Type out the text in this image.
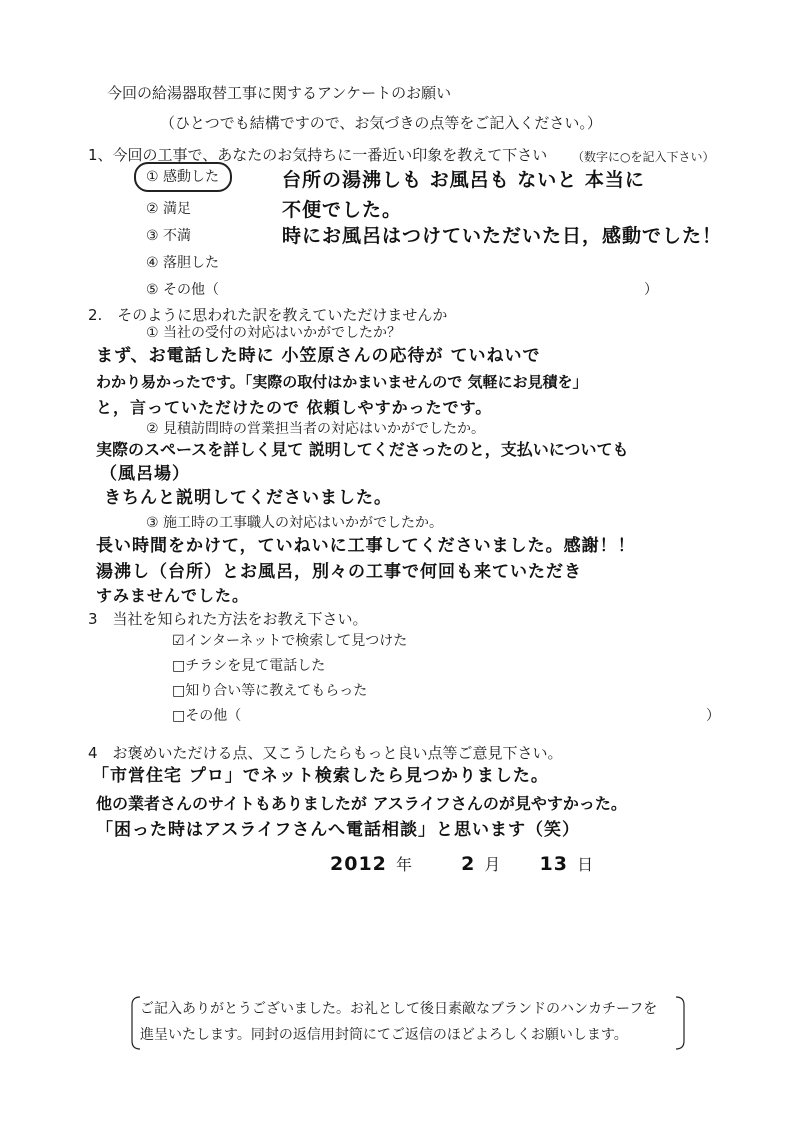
今回の給湯器取替工事に関するアンケートのお願い
（ひとつでも結構ですので、お気づきの点等をご記入ください。）
1、今回の工事で、あなたのお気持ちに一番近い印象を教えて下さい （数字に○を記入下さい）
① 感動した
② 満足
③ 不満
④ 落胆した
⑤ その他（	）
台所の湯沸しも お風呂も ないと 本当に
不便でした。
時にお風呂はつけていただいた日，感動でした！
2.　そのように思われた訳を教えていただけませんか
① 当社の受付の対応はいかがでしたか？
まず、お電話した時に 小笠原さんの応待が ていねいで
わかり易かったです。「実際の取付はかまいませんので 気軽にお見積を」
と，言っていただけたので 依頼しやすかったです。
② 見積訪問時の営業担当者の対応はいかがでしたか。
実際のスペースを詳しく見て 説明してくださったのと，支払いについても
（風呂場）
きちんと説明してくださいました。
③ 施工時の工事職人の対応はいかがでしたか。
長い時間をかけて，ていねいに工事してくださいました。感謝！！
湯沸し（台所）とお風呂，別々の工事で何回も来ていただき
すみませんでした。
3　当社を知られた方法をお教え下さい。
☑インターネットで検索して見つけた
□チラシを見て電話した
□知り合い等に教えてもらった
□その他（	）
4　お褒めいただける点、又こうしたらもっと良い点等ご意見下さい。
「市営住宅 プロ」でネット検索したら見つかりました。
他の業者さんのサイトもありましたが アスライフさんのが見やすかった。
「困った時はアスライフさんへ電話相談」と思います（笑）
2012 年	2 月 13 日
ご記入ありがとうございました。お礼として後日素敵なブランドのハンカチーフを
進呈いたします。同封の返信用封筒にてご返信のほどよろしくお願いします。
